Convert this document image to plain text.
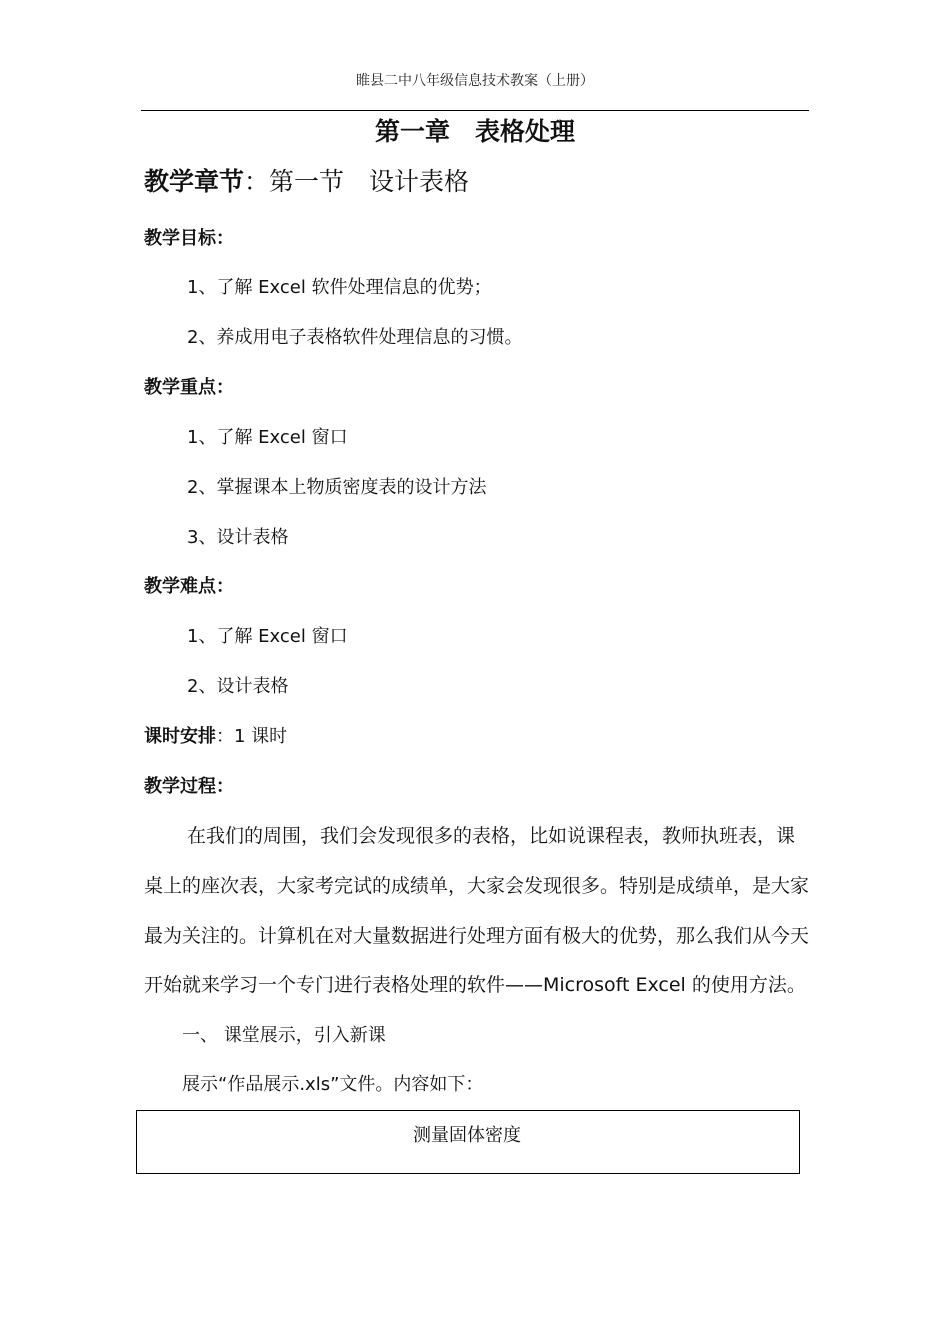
睢县二中八年级信息技术教案（上册）
第一章　表格处理
教学章节：第一节　设计表格
教学目标：
1、了解 Excel 软件处理信息的优势；
2、养成用电子表格软件处理信息的习惯。
教学重点：
1、了解 Excel 窗口
2、掌握课本上物质密度表的设计方法
3、设计表格
教学难点：
1、了解 Excel 窗口
2、设计表格
课时安排：1 课时
教学过程：
在我们的周围，我们会发现很多的表格，比如说课程表，教师执班表，课
桌上的座次表，大家考完试的成绩单，大家会发现很多。特别是成绩单，是大家
最为关注的。计算机在对大量数据进行处理方面有极大的优势，那么我们从今天
开始就来学习一个专门进行表格处理的软件——Microsoft Excel 的使用方法。
一、 课堂展示，引入新课
展示“作品展示.xls”文件。内容如下：
测量固体密度
